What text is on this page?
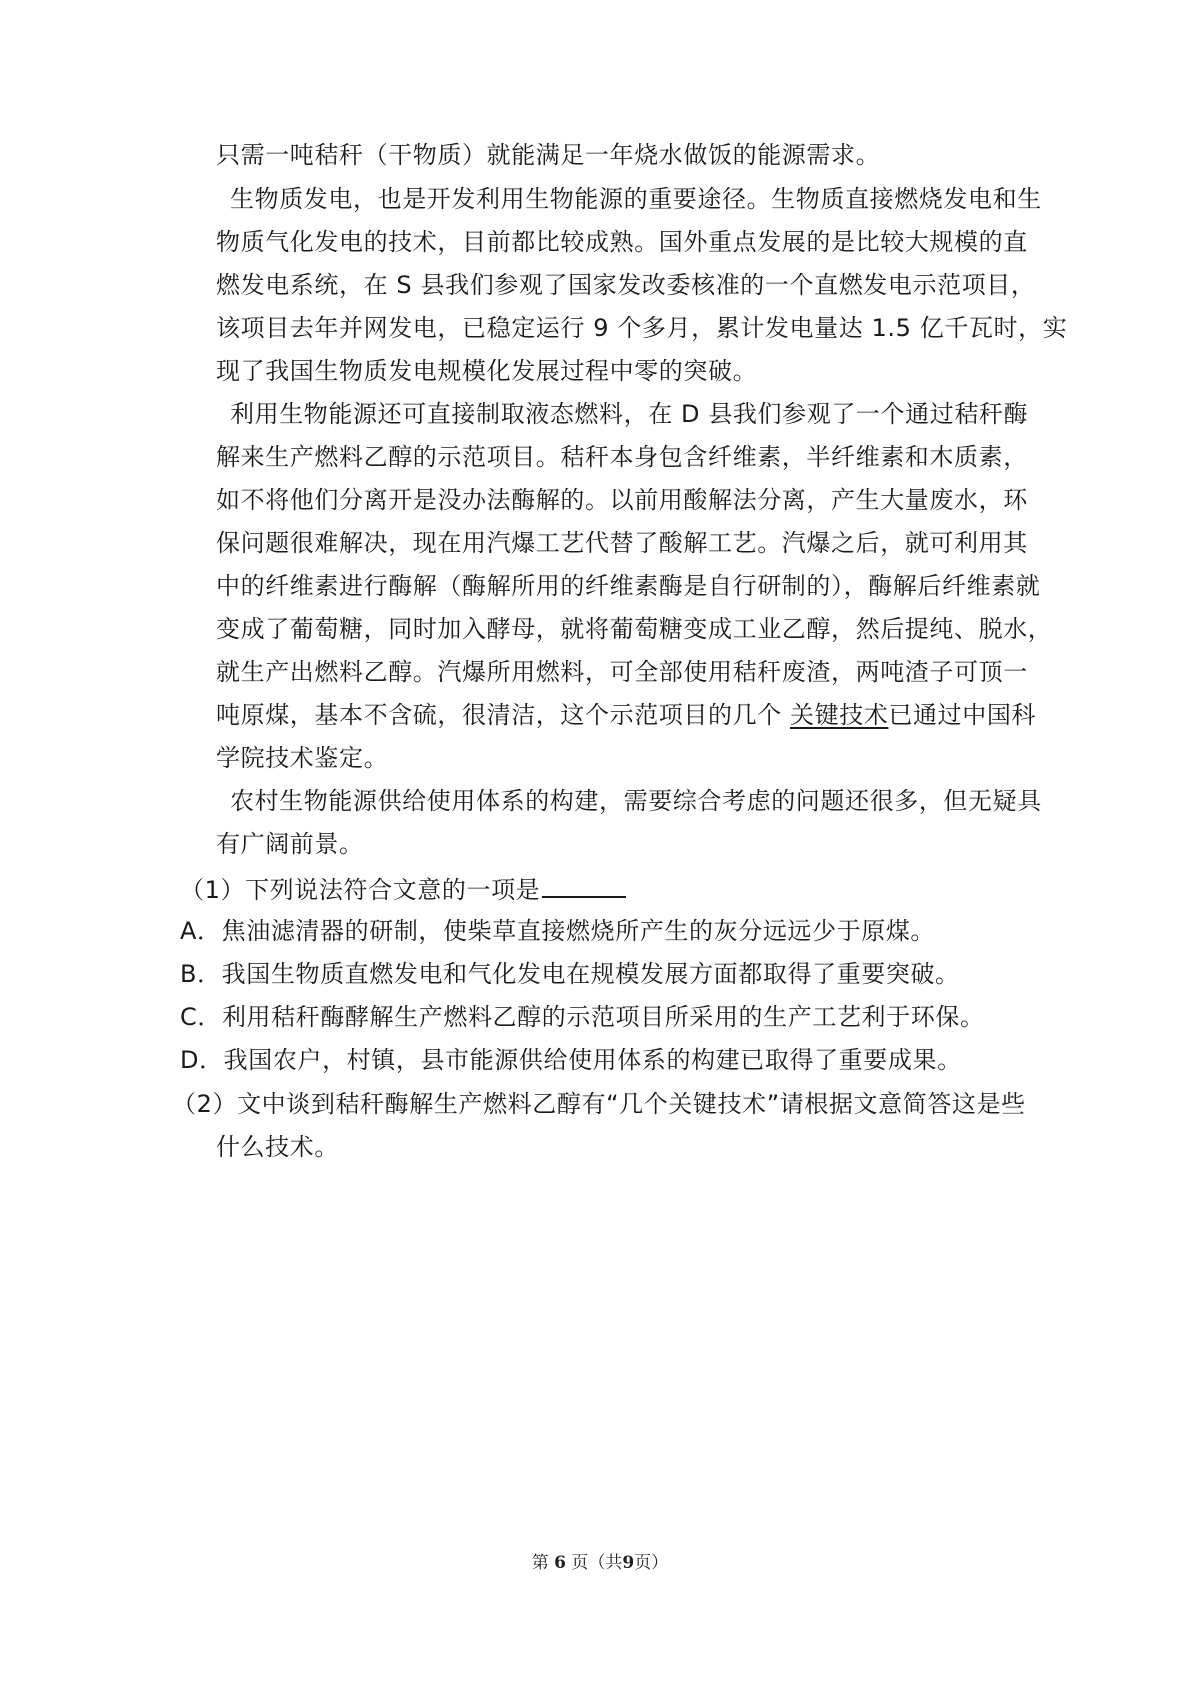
只需一吨秸秆（干物质）就能满足一年烧水做饭的能源需求。
生物质发电，也是开发利用生物能源的重要途径。生物质直接燃烧发电和生
物质气化发电的技术，目前都比较成熟。国外重点发展的是比较大规模的直
燃发电系统，在 S 县我们参观了国家发改委核准的一个直燃发电示范项目，
该项目去年并网发电，已稳定运行 9 个多月，累计发电量达 1.5 亿千瓦时，实
现了我国生物质发电规模化发展过程中零的突破。
利用生物能源还可直接制取液态燃料，在 D 县我们参观了一个通过秸秆酶
解来生产燃料乙醇的示范项目。秸秆本身包含纤维素，半纤维素和木质素，
如不将他们分离开是没办法酶解的。以前用酸解法分离，产生大量废水，环
保问题很难解决，现在用汽爆工艺代替了酸解工艺。汽爆之后，就可利用其
中的纤维素进行酶解（酶解所用的纤维素酶是自行研制的），酶解后纤维素就
变成了葡萄糖，同时加入酵母，就将葡萄糖变成工业乙醇，然后提纯、脱水，
就生产出燃料乙醇。汽爆所用燃料，可全部使用秸秆废渣，两吨渣子可顶一
吨原煤，基本不含硫，很清洁，这个示范项目的几个 关键技术已通过中国科
学院技术鉴定。
农村生物能源供给使用体系的构建，需要综合考虑的问题还很多，但无疑具
有广阔前景。
（1）下列说法符合文意的一项是
A．焦油滤清器的研制，使柴草直接燃烧所产生的灰分远远少于原煤。
B．我国生物质直燃发电和气化发电在规模发展方面都取得了重要突破。
C．利用秸秆酶酵解生产燃料乙醇的示范项目所采用的生产工艺利于环保。
D．我国农户，村镇，县市能源供给使用体系的构建已取得了重要成果。
（2）文中谈到秸秆酶解生产燃料乙醇有“几个关键技术”请根据文意简答这是些
什么技术。
第 6 页（共9页）
